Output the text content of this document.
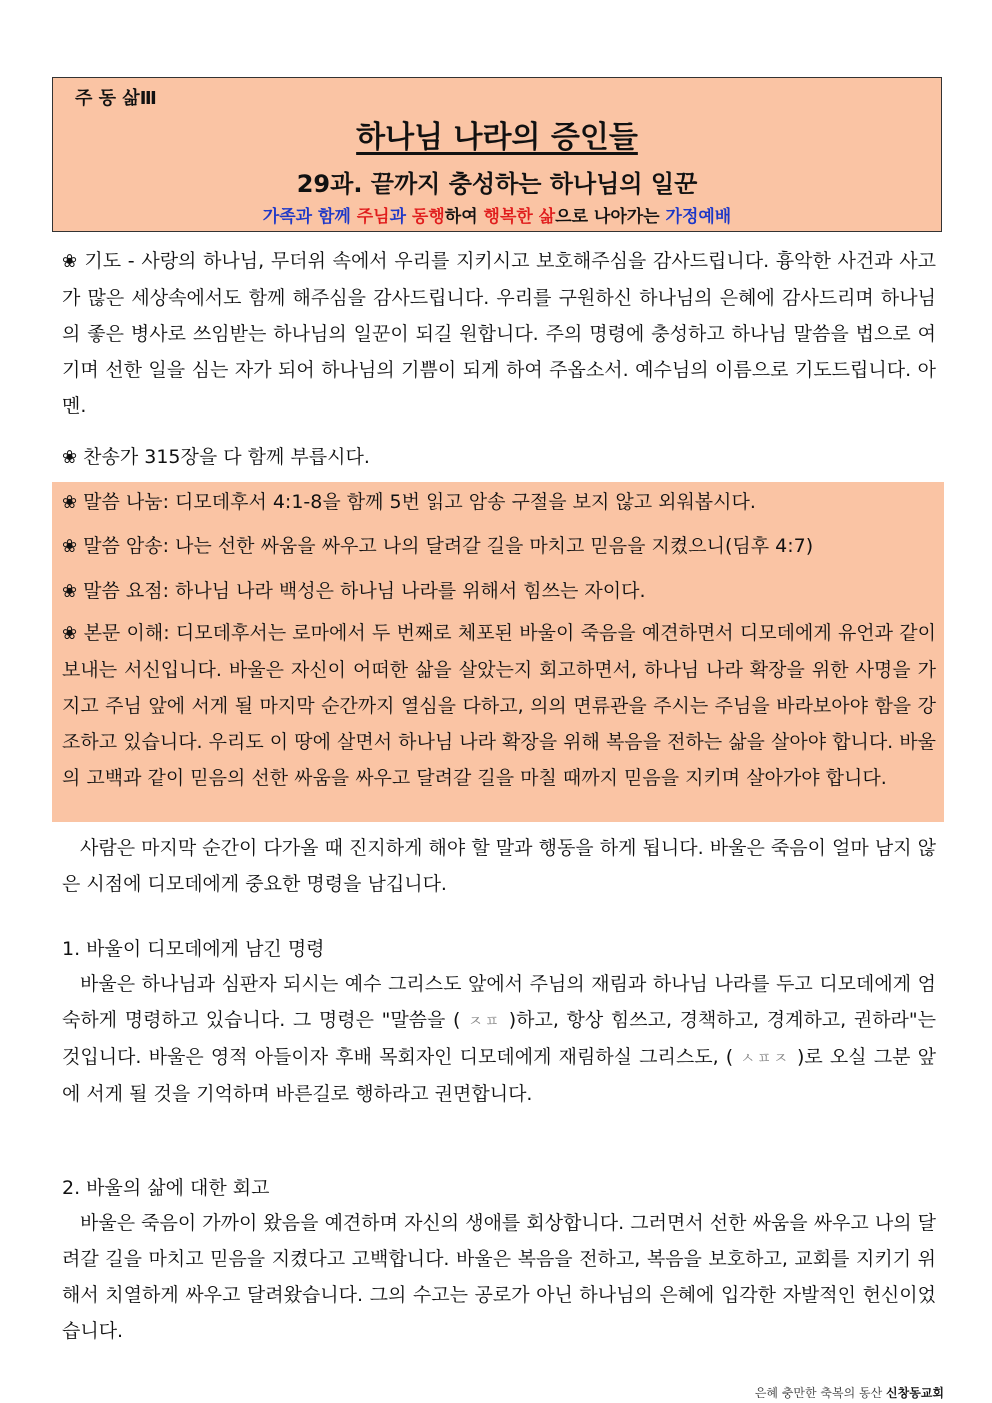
주 동 삶Ⅲ
하나님 나라의 증인들
29과. 끝까지 충성하는 하나님의 일꾼
가족과 함께 주님과 동행하여 행복한 삶으로 나아가는 가정예배

❀ 기도 - 사랑의 하나님, 무더위 속에서 우리를 지키시고 보호해주심을 감사드립니다. 흉악한 사건과 사고가 많은 세상속에서도 함께 해주심을 감사드립니다. 우리를 구원하신 하나님의 은혜에 감사드리며 하나님의 좋은 병사로 쓰임받는 하나님의 일꾼이 되길 원합니다. 주의 명령에 충성하고 하나님 말씀을 법으로 여기며 선한 일을 심는 자가 되어 하나님의 기쁨이 되게 하여 주옵소서. 예수님의 이름으로 기도드립니다. 아멘.

❀ 찬송가 315장을 다 함께 부릅시다.

❀ 말씀 나눔: 디모데후서 4:1-8을 함께 5번 읽고 암송 구절을 보지 않고 외워봅시다.

❀ 말씀 암송: 나는 선한 싸움을 싸우고 나의 달려갈 길을 마치고 믿음을 지켰으니(딤후 4:7)

❀ 말씀 요점: 하나님 나라 백성은 하나님 나라를 위해서 힘쓰는 자이다.

❀ 본문 이해: 디모데후서는 로마에서 두 번째로 체포된 바울이 죽음을 예견하면서 디모데에게 유언과 같이 보내는 서신입니다. 바울은 자신이 어떠한 삶을 살았는지 회고하면서, 하나님 나라 확장을 위한 사명을 가지고 주님 앞에 서게 될 마지막 순간까지 열심을 다하고, 의의 면류관을 주시는 주님을 바라보아야 함을 강조하고 있습니다. 우리도 이 땅에 살면서 하나님 나라 확장을 위해 복음을 전하는 삶을 살아야 합니다. 바울의 고백과 같이 믿음의 선한 싸움을 싸우고 달려갈 길을 마칠 때까지 믿음을 지키며 살아가야 합니다.

사람은 마지막 순간이 다가올 때 진지하게 해야 할 말과 행동을 하게 됩니다. 바울은 죽음이 얼마 남지 않은 시점에 디모데에게 중요한 명령을 남깁니다.

1. 바울이 디모데에게 남긴 명령

바울은 하나님과 심판자 되시는 예수 그리스도 앞에서 주님의 재림과 하나님 나라를 두고 디모데에게 엄숙하게 명령하고 있습니다. 그 명령은 "말씀을 ( ㅈㅍ )하고, 항상 힘쓰고, 경책하고, 경계하고, 권하라"는 것입니다. 바울은 영적 아들이자 후배 목회자인 디모데에게 재림하실 그리스도, ( ㅅㅍㅈ )로 오실 그분 앞에 서게 될 것을 기억하며 바른길로 행하라고 권면합니다.

2. 바울의 삶에 대한 회고

바울은 죽음이 가까이 왔음을 예견하며 자신의 생애를 회상합니다. 그러면서 선한 싸움을 싸우고 나의 달려갈 길을 마치고 믿음을 지켰다고 고백합니다. 바울은 복음을 전하고, 복음을 보호하고, 교회를 지키기 위해서 치열하게 싸우고 달려왔습니다. 그의 수고는 공로가 아닌 하나님의 은혜에 입각한 자발적인 헌신이었습니다.

은혜 충만한 축복의 동산 신창동교회
